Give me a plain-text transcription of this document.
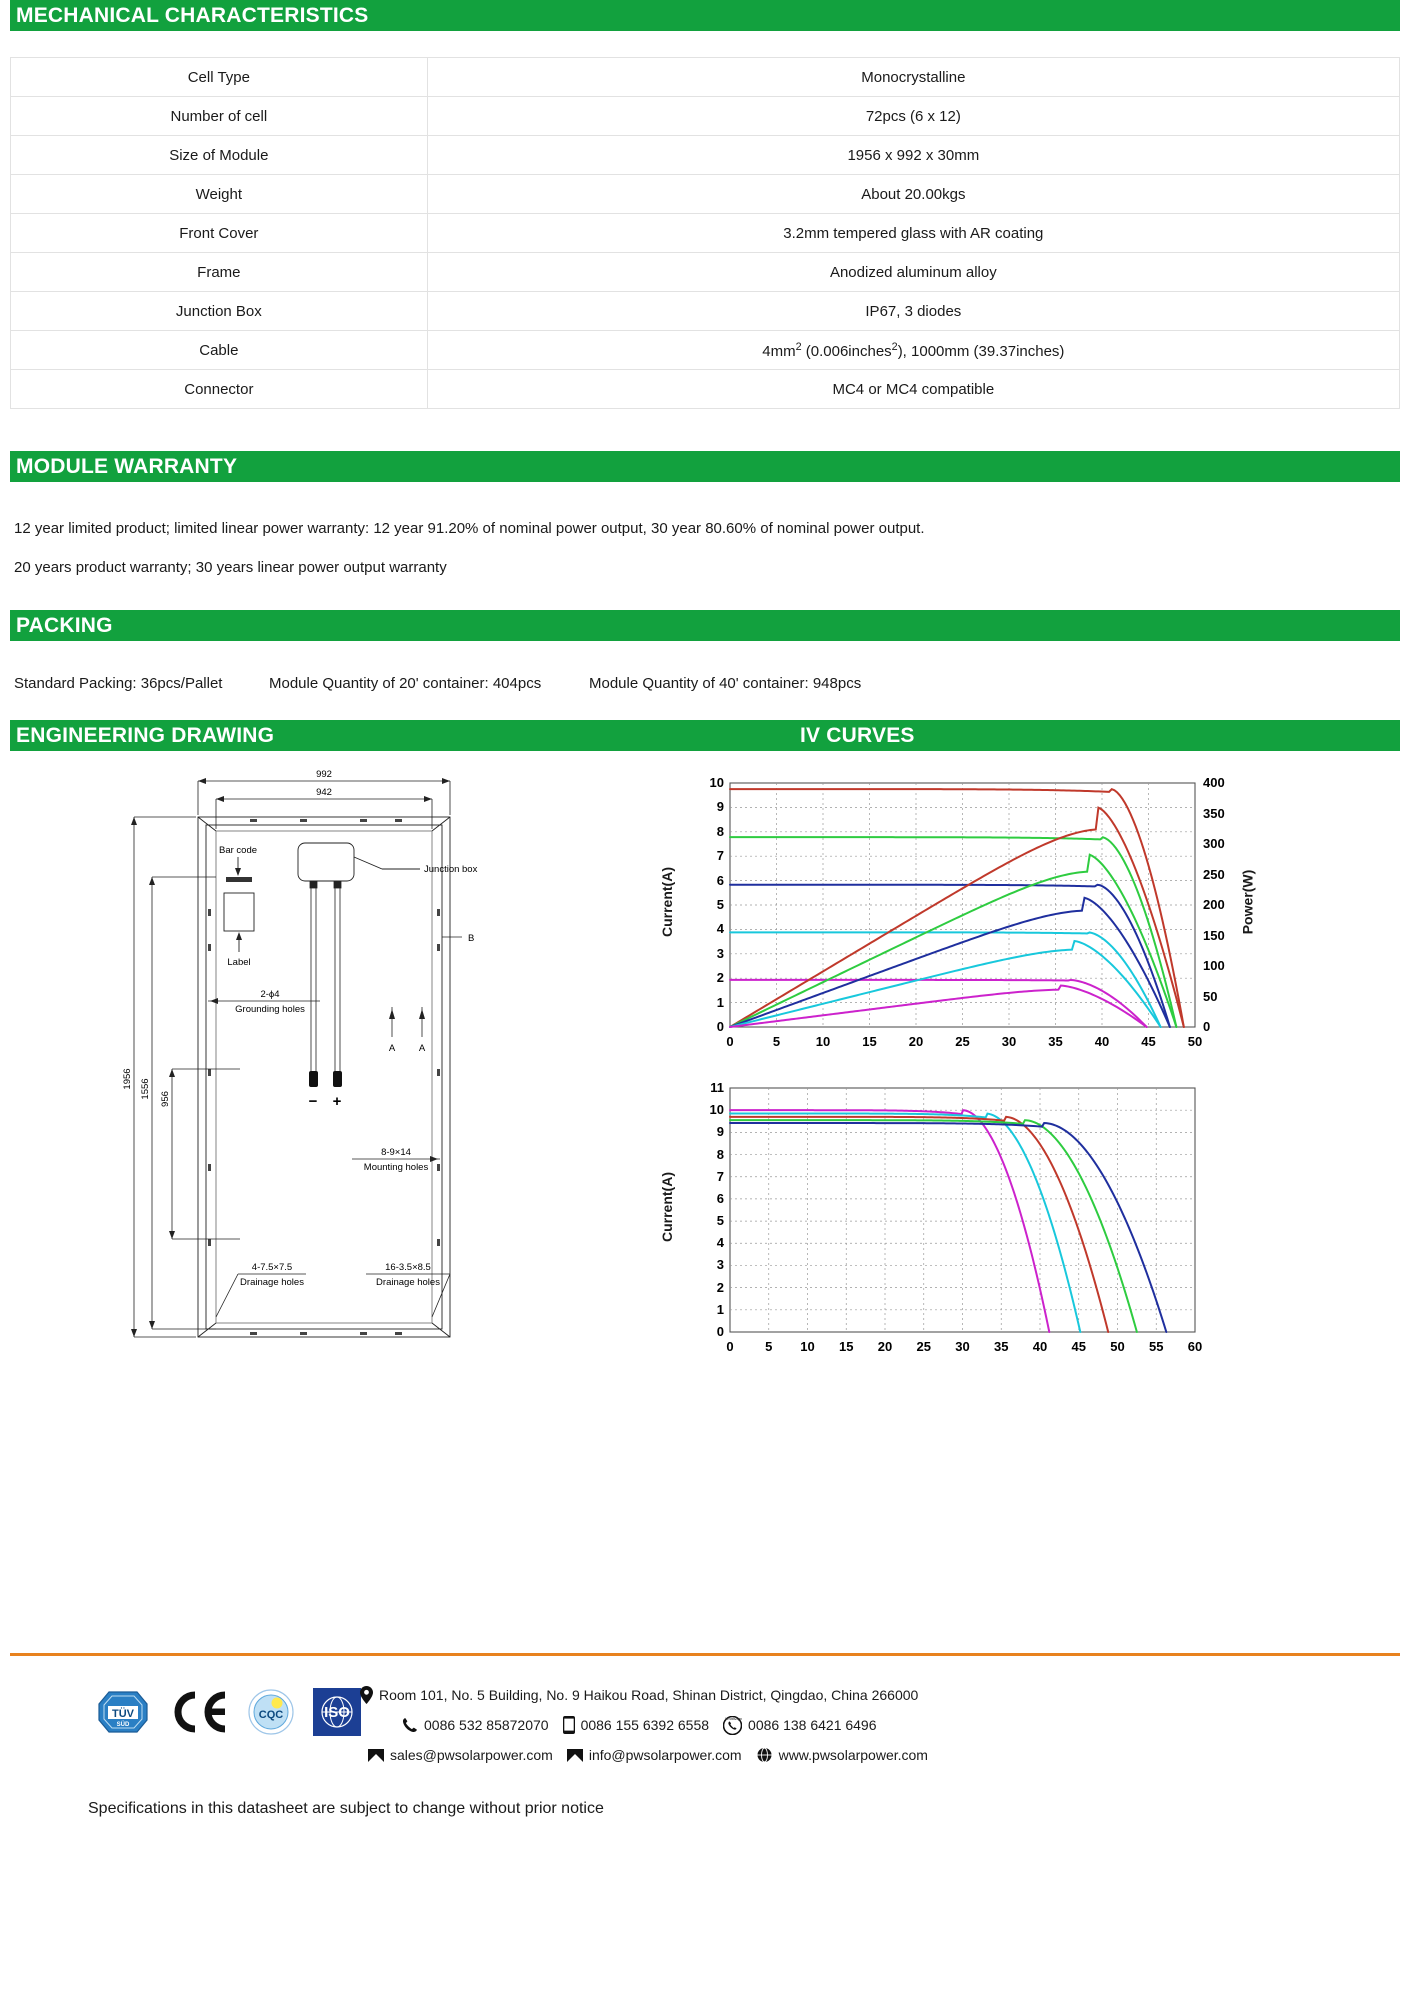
MECHANICAL CHARACTERISTICS
Cell Type	Monocrystalline
Number of cell	72pcs (6 x 12)
Size of Module	1956 x 992 x 30mm
Weight	About 20.00kgs
Front Cover	3.2mm tempered glass with AR coating
Frame	Anodized aluminum alloy
Junction Box	IP67, 3 diodes
Cable	$4mm^2$ (0.006inches$^2$), 1000mm (39.37inches)
Connector	MC4 or MC4 compatible
MODULE WARRANTY

12 year limited product; limited linear power warranty: 12 year 91.20% of nominal power output, 30 year 80.60% of nominal power output.

20 years product warranty; 30 years linear power output warranty

PACKING
Standard Packing: 36pcs/Pallet	Module Quantity of 20' container: 404pcs	Module Quantity of 40' container: 948pcs
ENGINEERING DRAWING	IV CURVES
992
942
1956 1556 956
Junction box
− +
Bar code
Label
2-ϕ4
Grounding holes
8-9×14
Mounting holes
4-7.5×7.5
Drainage holes
16-3.5×8.5
Drainage holes
A A
B
Current(A)	Power(W)
0
1
2
3
4
5
6
7
8
9
10
0
50
100
150
200
250
300
350
400
0	5	10	15	20	25	30	35	40	45	50
Current(A)
0
1
2
3
4
5
6
7
8
9
10
11
0	5	10	15	20	25	30	35	40	45	50	55	60
TÜV
SÜD
CQC	ISO
Room 101, No. 5 Building, No. 9 Haikou Road, Shinan District, Qingdao, China 266000
0086 532 85872070 0086 155 6392 6558	WhatsApp 0086 138 6421 6496
sales@pwsolarpower.com	info@pwsolarpower.com	www.pwsolarpower.com
Specifications in this datasheet are subject to change without prior notice
